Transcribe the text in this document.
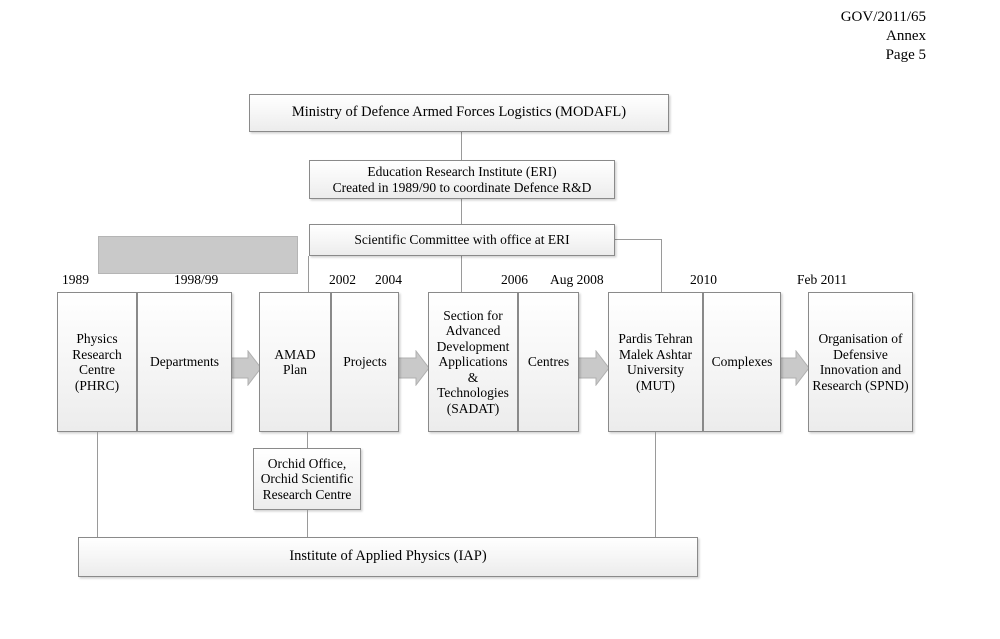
GOV/2011/65
Annex
Page 5
Ministry of Defence Armed Forces Logistics (MODAFL)
Education Research Institute (ERI)
Created in 1989/90 to coordinate Defence R&D
Scientific Committee with office at ERI
1989	1998/99	2002 2004	2006 Aug 2008	2010	Feb 2011
Physics Research Centre (PHRC)
Departments
AMAD Plan
Projects
Section for Advanced Development Applications & Technologies (SADAT)
Centres
Pardis Tehran Malek Ashtar University (MUT)
Complexes
Organisation of Defensive Innovation and Research (SPND)
Orchid Office, Orchid Scientific Research Centre
Institute of Applied Physics (IAP)
